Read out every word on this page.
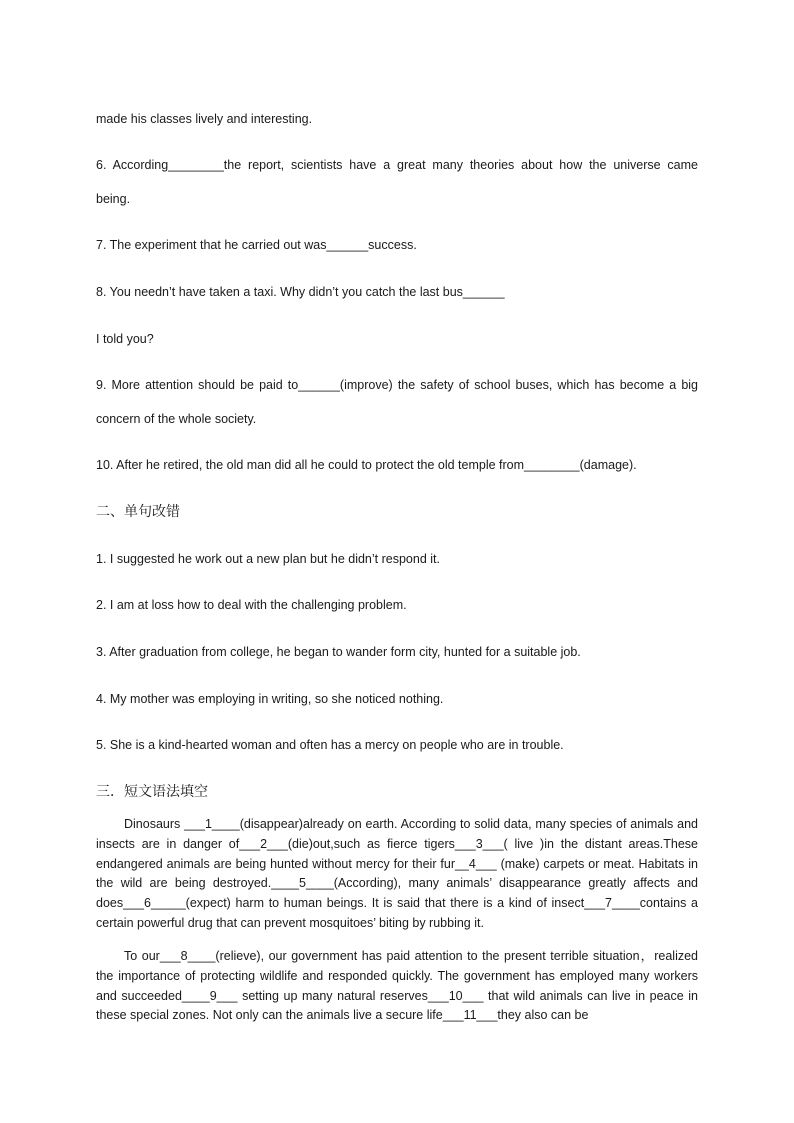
made his classes lively and interesting.
6. According________the report, scientists have a great many theories about how the universe came
being.
7. The experiment that he carried out was______success.
8. You needn’t have taken a taxi. Why didn’t you catch the last bus______
I told you?
9. More attention should be paid to______(improve) the safety of school buses, which has become a big
concern of the whole society.
10. After he retired, the old man did all he could to protect the old temple from________(damage).
二、单句改错
1. I suggested he work out a new plan but he didn’t respond it.
2. I am at loss how to deal with the challenging problem.
3. After graduation from college, he began to wander form city, hunted for a suitable job.
4. My mother was employing in writing, so she noticed nothing.
5. She is a kind-hearted woman and often has a mercy on people who are in trouble.
三．短文语法填空
Dinosaurs ___1____(disappear)already on earth. According to solid data, many species of animals and insects are in danger of___2___(die)out,such as fierce tigers___3___( live )in the distant areas.These endangered animals are being hunted without mercy for their fur__4___ (make) carpets or meat. Habitats in the wild are being destroyed.____5____(According), many animals’ disappearance greatly affects and does___6_____(expect) harm to human beings. It is said that there is a kind of insect___7____contains a certain powerful drug that can prevent mosquitoes’ biting by rubbing it.
To our___8____(relieve), our government has paid attention to the present terrible situation，realized the importance of protecting wildlife and responded quickly. The government has employed many workers and succeeded____9___ setting up many natural reserves___10___ that wild animals can live in peace in these special zones. Not only can the animals live a secure life___11___they also can be
